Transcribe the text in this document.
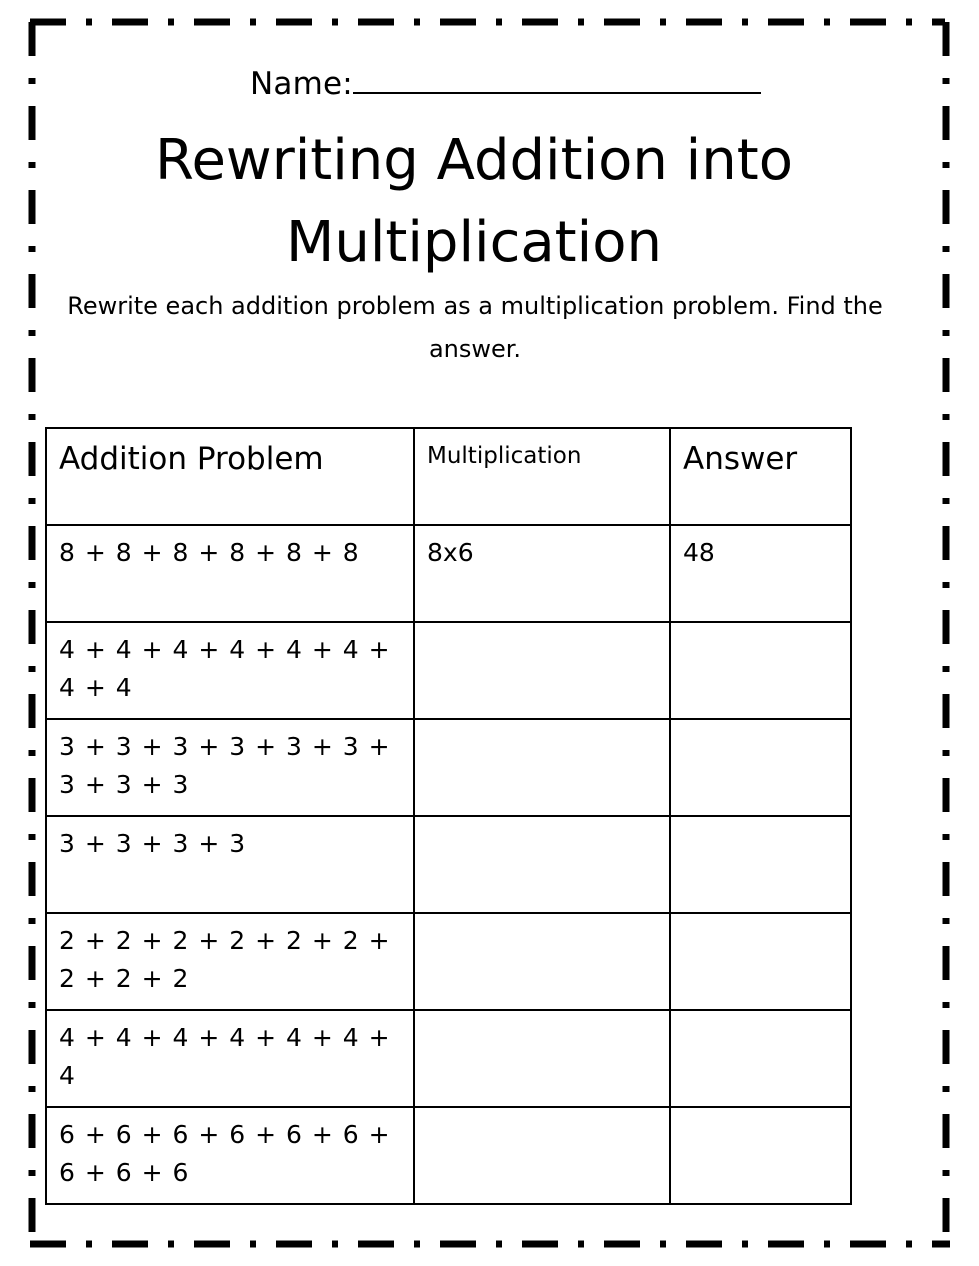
Name:
Rewriting Addition into Multiplication

Rewrite each addition problem as a multiplication problem. Find the answer.

Addition Problem	Multiplication	Answer
8 + 8 + 8 + 8 + 8 + 8	8x6	48
4 + 4 + 4 + 4 + 4 + 4 + 4 + 4		
3 + 3 + 3 + 3 + 3 + 3 + 3 + 3 + 3		
3 + 3 + 3 + 3		
2 + 2 + 2 + 2 + 2 + 2 + 2 + 2 + 2		
4 + 4 + 4 + 4 + 4 + 4 + 4		
6 + 6 + 6 + 6 + 6 + 6 + 6 + 6 + 6		
